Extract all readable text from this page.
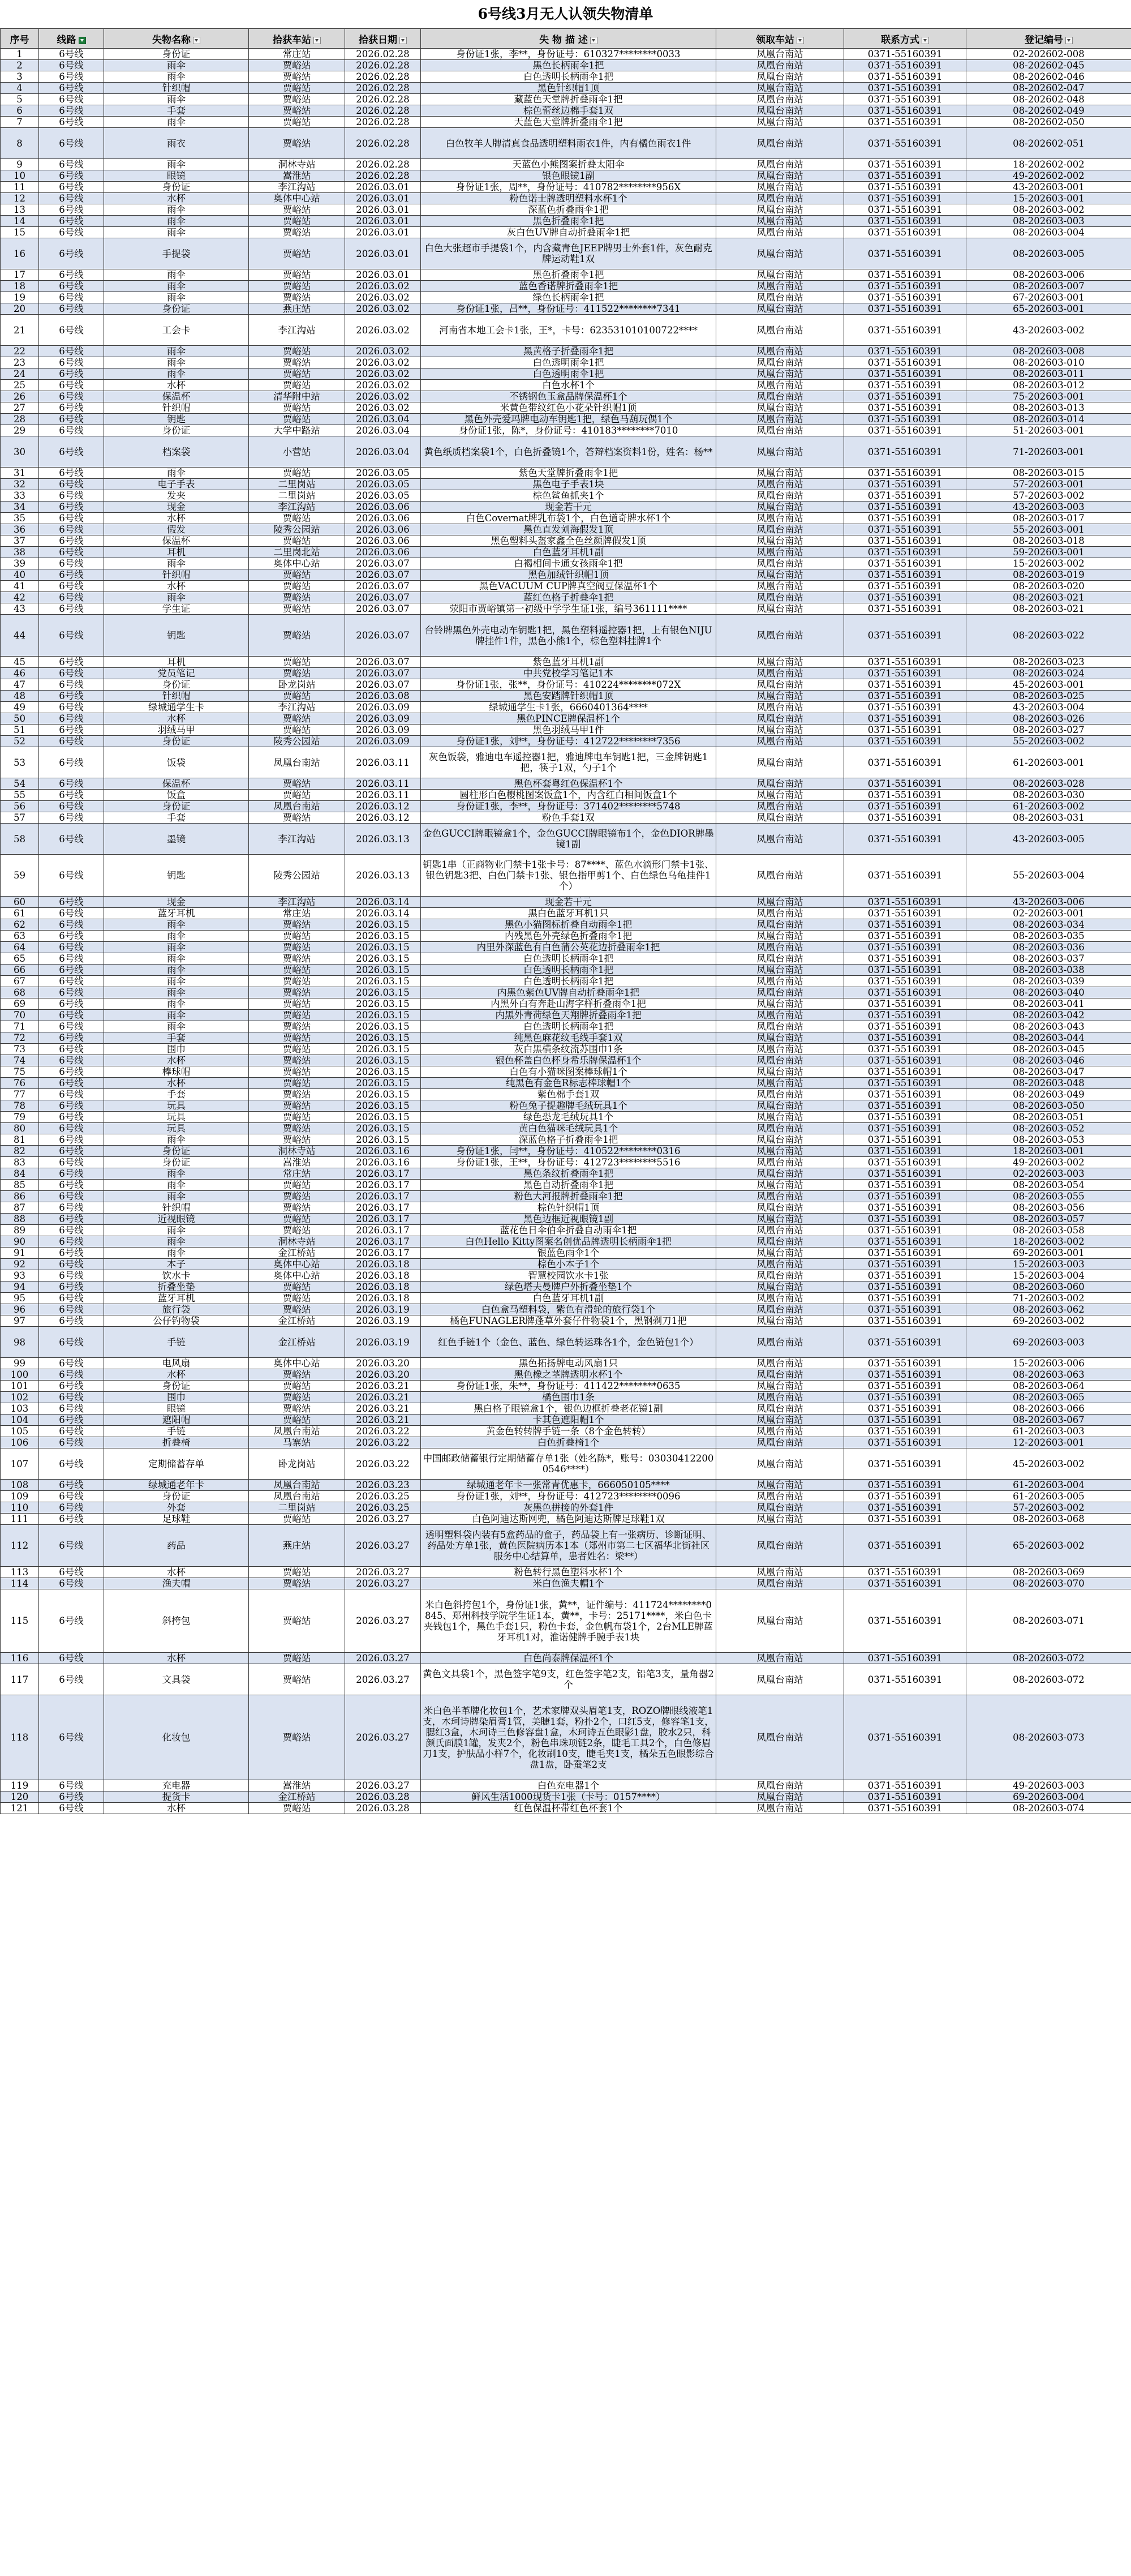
6号线3月无人认领失物清单
序号	线路	失物名称	拾获车站	拾获日期	失 物 描 述	领取车站	联系方式	登记编号
1	6号线	身份证	常庄站	2026.02.28	身份证1张，李**，身份证号：610327********0033	凤凰台南站	0371-55160391	02-202602-008
2	6号线	雨伞	贾峪站	2026.02.28	黑色长柄雨伞1把	凤凰台南站	0371-55160391	08-202602-045
3	6号线	雨伞	贾峪站	2026.02.28	白色透明长柄雨伞1把	凤凰台南站	0371-55160391	08-202602-046
4	6号线	针织帽	贾峪站	2026.02.28	黑色针织帽1顶	凤凰台南站	0371-55160391	08-202602-047
5	6号线	雨伞	贾峪站	2026.02.28	藏蓝色天堂牌折叠雨伞1把	凤凰台南站	0371-55160391	08-202602-048
6	6号线	手套	贾峪站	2026.02.28	棕色蕾丝边棉手套1双	凤凰台南站	0371-55160391	08-202602-049
7	6号线	雨伞	贾峪站	2026.02.28	天蓝色天堂牌折叠雨伞1把	凤凰台南站	0371-55160391	08-202602-050
8	6号线	雨衣	贾峪站	2026.02.28	白色牧羊人牌清真食品透明塑料雨衣1件，内有橘色雨衣1件	凤凰台南站	0371-55160391	08-202602-051
9	6号线	雨伞	洞林寺站	2026.02.28	天蓝色小熊图案折叠太阳伞	凤凰台南站	0371-55160391	18-202602-002
10	6号线	眼镜	嵩淮站	2026.02.28	银色眼镜1副	凤凰台南站	0371-55160391	49-202602-002
11	6号线	身份证	李江沟站	2026.03.01	身份证1张，周**，身份证号：410782********956X	凤凰台南站	0371-55160391	43-202603-001
12	6号线	水杯	奥体中心站	2026.03.01	粉色诺士牌透明塑料水杯1个	凤凰台南站	0371-55160391	15-202603-001
13	6号线	雨伞	贾峪站	2026.03.01	深蓝色折叠雨伞1把	凤凰台南站	0371-55160391	08-202603-002
14	6号线	雨伞	贾峪站	2026.03.01	黑色折叠雨伞1把	凤凰台南站	0371-55160391	08-202603-003
15	6号线	雨伞	贾峪站	2026.03.01	灰白色UV牌自动折叠雨伞1把	凤凰台南站	0371-55160391	08-202603-004
16	6号线	手提袋	贾峪站	2026.03.01	白色大张超市手提袋1个，内含藏青色JEEP牌男士外套1件，灰色耐克牌运动鞋1双	凤凰台南站	0371-55160391	08-202603-005
17	6号线	雨伞	贾峪站	2026.03.01	黑色折叠雨伞1把	凤凰台南站	0371-55160391	08-202603-006
18	6号线	雨伞	贾峪站	2026.03.02	蓝色香诺牌折叠雨伞1把	凤凰台南站	0371-55160391	08-202603-007
19	6号线	雨伞	贾峪站	2026.03.02	绿色长柄雨伞1把	凤凰台南站	0371-55160391	67-202603-001
20	6号线	身份证	燕庄站	2026.03.02	身份证1张，吕**，身份证号：411522********7341	凤凰台南站	0371-55160391	65-202603-001
21	6号线	工会卡	李江沟站	2026.03.02	河南省本地工会卡1张，王*，卡号：623531010100722****	凤凰台南站	0371-55160391	43-202603-002
22	6号线	雨伞	贾峪站	2026.03.02	黑黄格子折叠雨伞1把	凤凰台南站	0371-55160391	08-202603-008
23	6号线	雨伞	贾峪站	2026.03.02	白色透明雨伞1把	凤凰台南站	0371-55160391	08-202603-010
24	6号线	雨伞	贾峪站	2026.03.02	白色透明雨伞1把	凤凰台南站	0371-55160391	08-202603-011
25	6号线	水杯	贾峪站	2026.03.02	白色水杯1个	凤凰台南站	0371-55160391	08-202603-012
26	6号线	保温杯	清华附中站	2026.03.02	不锈钢色玉盒品牌保温杯1个	凤凰台南站	0371-55160391	75-202603-001
27	6号线	针织帽	贾峪站	2026.03.02	米黄色带纹红色小花朵针织帽1顶	凤凰台南站	0371-55160391	08-202603-013
28	6号线	钥匙	贾峪站	2026.03.04	黑色外壳爱玛牌电动车钥匙1把，绿色马葫玩偶1个	凤凰台南站	0371-55160391	08-202603-014
29	6号线	身份证	大学中路站	2026.03.04	身份证1张，陈*，身份证号：410183********7010	凤凰台南站	0371-55160391	51-202603-001
30	6号线	档案袋	小营站	2026.03.04	黄色纸质档案袋1个，白色折叠镜1个，答辩档案资料1份，姓名：杨**	凤凰台南站	0371-55160391	71-202603-001
31	6号线	雨伞	贾峪站	2026.03.05	紫色天堂牌折叠雨伞1把	凤凰台南站	0371-55160391	08-202603-015
32	6号线	电子手表	二里岗站	2026.03.05	黑色电子手表1块	凤凰台南站	0371-55160391	57-202603-001
33	6号线	发夹	二里岗站	2026.03.05	棕色鲨鱼抓夹1个	凤凰台南站	0371-55160391	57-202603-002
34	6号线	现金	李江沟站	2026.03.06	现金若干元	凤凰台南站	0371-55160391	43-202603-003
35	6号线	水杯	贾峪站	2026.03.06	白色Covernat牌乳布袋1个，白色道奇牌水杯1个	凤凰台南站	0371-55160391	08-202603-017
36	6号线	假发	陵秀公园站	2026.03.06	黑色直发刘海假发1顶	凤凰台南站	0371-55160391	55-202603-001
37	6号线	保温杯	贾峪站	2026.03.06	黑色塑料头盔家鑫全色丝颜牌假发1顶	凤凰台南站	0371-55160391	08-202603-018
38	6号线	耳机	二里岗北站	2026.03.06	白色蓝牙耳机1副	凤凰台南站	0371-55160391	59-202603-001
39	6号线	雨伞	奥体中心站	2026.03.07	白褐相间卡通女孩雨伞1把	凤凰台南站	0371-55160391	15-202603-002
40	6号线	针织帽	贾峪站	2026.03.07	黑色加绒针织帽1顶	凤凰台南站	0371-55160391	08-202603-019
41	6号线	水杯	贾峪站	2026.03.07	黑色VACUUM CUP牌真空阀豆保温杯1个	凤凰台南站	0371-55160391	08-202603-020
42	6号线	雨伞	贾峪站	2026.03.07	蓝红色格子折叠伞1把	凤凰台南站	0371-55160391	08-202603-021
43	6号线	学生证	贾峪站	2026.03.07	荥阳市贾峪镇第一初级中学学生证1张，编号361111****	凤凰台南站	0371-55160391	08-202603-021
44	6号线	钥匙	贾峪站	2026.03.07	台铃牌黑色外壳电动车钥匙1把，黑色塑料遥控器1把，上有银色NIJU牌挂件1件，黑色小熊1个，棕色塑料挂牌1个	凤凰台南站	0371-55160391	08-202603-022
45	6号线	耳机	贾峪站	2026.03.07	紫色蓝牙耳机1副	凤凰台南站	0371-55160391	08-202603-023
46	6号线	党员笔记	贾峪站	2026.03.07	中共党校学习笔记1本	凤凰台南站	0371-55160391	08-202603-024
47	6号线	身份证	卧龙岗站	2026.03.07	身份证1张，张**，身份证号：410224********072X	凤凰台南站	0371-55160391	45-202603-001
48	6号线	针织帽	贾峪站	2026.03.08	黑色安踏牌针织帽1顶	凤凰台南站	0371-55160391	08-202603-025
49	6号线	绿城通学生卡	李江沟站	2026.03.09	绿城通学生卡1张，6660401364****	凤凰台南站	0371-55160391	43-202603-004
50	6号线	水杯	贾峪站	2026.03.09	黑色PINCE牌保温杯1个	凤凰台南站	0371-55160391	08-202603-026
51	6号线	羽绒马甲	贾峪站	2026.03.09	黑色羽绒马甲1件	凤凰台南站	0371-55160391	08-202603-027
52	6号线	身份证	陵秀公园站	2026.03.09	身份证1张，刘**，身份证号：412722********7356	凤凰台南站	0371-55160391	55-202603-002
53	6号线	饭袋	凤凰台南站	2026.03.11	灰色饭袋，雅迪电车遥控器1把，雅迪牌电车钥匙1把，三金牌钥匙1把，筷子1双，勺子1个	凤凰台南站	0371-55160391	61-202603-001
54	6号线	保温杯	贾峪站	2026.03.11	黑色杯套粤红色保温杯1个	凤凰台南站	0371-55160391	08-202603-028
55	6号线	饭盒	贾峪站	2026.03.11	圆柱形白色樱桃图案饭盒1个，内含红白相间饭盒1个	凤凰台南站	0371-55160391	08-202603-030
56	6号线	身份证	凤凰台南站	2026.03.12	身份证1张，李**，身份证号：371402********5748	凤凰台南站	0371-55160391	61-202603-002
57	6号线	手套	贾峪站	2026.03.12	粉色手套1双	凤凰台南站	0371-55160391	08-202603-031
58	6号线	墨镜	李江沟站	2026.03.13	金色GUCCI牌眼镜盒1个，金色GUCCI牌眼镜布1个，金色DIOR牌墨镜1副	凤凰台南站	0371-55160391	43-202603-005
59	6号线	钥匙	陵秀公园站	2026.03.13	钥匙1串（正商物业门禁卡1张卡号：87****、蓝色水滴形门禁卡1张、银色钥匙3把、白色门禁卡1张、银色指甲剪1个、白色绿色乌龟挂件1个）	凤凰台南站	0371-55160391	55-202603-004
60	6号线	现金	李江沟站	2026.03.14	现金若干元	凤凰台南站	0371-55160391	43-202603-006
61	6号线	蓝牙耳机	常庄站	2026.03.14	黑白色蓝牙耳机1只	凤凰台南站	0371-55160391	02-202603-001
62	6号线	雨伞	贾峪站	2026.03.15	黑色小猫图标折叠自动雨伞1把	凤凰台南站	0371-55160391	08-202603-034
63	6号线	雨伞	贾峪站	2026.03.15	内残黑色外壳绿色折叠雨伞1把	凤凰台南站	0371-55160391	08-202603-035
64	6号线	雨伞	贾峪站	2026.03.15	内里外深蓝色有白色蒲公英花边折叠雨伞1把	凤凰台南站	0371-55160391	08-202603-036
65	6号线	雨伞	贾峪站	2026.03.15	白色透明长柄雨伞1把	凤凰台南站	0371-55160391	08-202603-037
66	6号线	雨伞	贾峪站	2026.03.15	白色透明长柄雨伞1把	凤凰台南站	0371-55160391	08-202603-038
67	6号线	雨伞	贾峪站	2026.03.15	白色透明长柄雨伞1把	凤凰台南站	0371-55160391	08-202603-039
68	6号线	雨伞	贾峪站	2026.03.15	内黑色紫色UV牌自动折叠雨伞1把	凤凰台南站	0371-55160391	08-202603-040
69	6号线	雨伞	贾峪站	2026.03.15	内黑外白有奔赴山海字样折叠雨伞1把	凤凰台南站	0371-55160391	08-202603-041
70	6号线	雨伞	贾峪站	2026.03.15	内黑外青荷绿色天翔牌折叠雨伞1把	凤凰台南站	0371-55160391	08-202603-042
71	6号线	雨伞	贾峪站	2026.03.15	白色透明长柄雨伞1把	凤凰台南站	0371-55160391	08-202603-043
72	6号线	手套	贾峪站	2026.03.15	纯黑色麻花纹毛线手套1双	凤凰台南站	0371-55160391	08-202603-044
73	6号线	围巾	贾峪站	2026.03.15	灰白黑横条纹流苏围巾1条	凤凰台南站	0371-55160391	08-202603-045
74	6号线	水杯	贾峪站	2026.03.15	银色杯盖白色杯身希乐牌保温杯1个	凤凰台南站	0371-55160391	08-202603-046
75	6号线	棒球帽	贾峪站	2026.03.15	白色有小猫咪图案棒球帽1个	凤凰台南站	0371-55160391	08-202603-047
76	6号线	水杯	贾峪站	2026.03.15	纯黑色有金色R标志棒球帽1个	凤凰台南站	0371-55160391	08-202603-048
77	6号线	手套	贾峪站	2026.03.15	紫色棉手套1双	凤凰台南站	0371-55160391	08-202603-049
78	6号线	玩具	贾峪站	2026.03.15	粉色兔子提趣牌毛绒玩具1个	凤凰台南站	0371-55160391	08-202603-050
79	6号线	玩具	贾峪站	2026.03.15	绿色恐龙毛绒玩具1个	凤凰台南站	0371-55160391	08-202603-051
80	6号线	玩具	贾峪站	2026.03.15	黄白色猫咪毛绒玩具1个	凤凰台南站	0371-55160391	08-202603-052
81	6号线	雨伞	贾峪站	2026.03.15	深蓝色格子折叠雨伞1把	凤凰台南站	0371-55160391	08-202603-053
82	6号线	身份证	洞林寺站	2026.03.16	身份证1张，闫**，身份证号：410522********0316	凤凰台南站	0371-55160391	18-202603-001
83	6号线	身份证	嵩淮站	2026.03.16	身份证1张，王**，身份证号：412723********5516	凤凰台南站	0371-55160391	49-202603-002
84	6号线	雨伞	常庄站	2026.03.17	黑色条纹折叠雨伞1把	凤凰台南站	0371-55160391	02-202603-003
85	6号线	雨伞	贾峪站	2026.03.17	黑色自动折叠雨伞1把	凤凰台南站	0371-55160391	08-202603-054
86	6号线	雨伞	贾峪站	2026.03.17	粉色大河报牌折叠雨伞1把	凤凰台南站	0371-55160391	08-202603-055
87	6号线	针织帽	贾峪站	2026.03.17	棕色针织帽1顶	凤凰台南站	0371-55160391	08-202603-056
88	6号线	近视眼镜	贾峪站	2026.03.17	黑色边框近视眼镜1副	凤凰台南站	0371-55160391	08-202603-057
89	6号线	雨伞	贾峪站	2026.03.17	蓝花色日伞伯伞折叠自动雨伞1把	凤凰台南站	0371-55160391	08-202603-058
90	6号线	雨伞	洞林寺站	2026.03.17	白色Hello Kitty图案名创优品牌透明长柄雨伞1把	凤凰台南站	0371-55160391	18-202603-002
91	6号线	雨伞	金江桥站	2026.03.17	银蓝色雨伞1个	凤凰台南站	0371-55160391	69-202603-001
92	6号线	本子	奥体中心站	2026.03.18	棕色小本子1个	凤凰台南站	0371-55160391	15-202603-003
93	6号线	饮水卡	奥体中心站	2026.03.18	智慧校园饮水卡1张	凤凰台南站	0371-55160391	15-202603-004
94	6号线	折叠坐垫	贾峪站	2026.03.18	绿色塔夫曼牌户外折叠坐垫1个	凤凰台南站	0371-55160391	08-202603-060
95	6号线	蓝牙耳机	贾峪站	2026.03.18	白色蓝牙耳机1副	凤凰台南站	0371-55160391	71-202603-002
96	6号线	旅行袋	贾峪站	2026.03.19	白色盒马塑料袋，紫色有滑轮的旅行袋1个	凤凰台南站	0371-55160391	08-202603-062
97	6号线	公仔钓物袋	金江桥站	2026.03.19	橘色FUNAGLER牌蓬草外套仔件物袋1个，黑钢剃刀1把	凤凰台南站	0371-55160391	69-202603-002
98	6号线	手链	金江桥站	2026.03.19	红色手链1个（金色、蓝色、绿色转运珠各1个，金色链包1个）	凤凰台南站	0371-55160391	69-202603-003
99	6号线	电风扇	奥体中心站	2026.03.20	黑色拓扬牌电动风扇1只	凤凰台南站	0371-55160391	15-202603-006
100	6号线	水杯	贾峪站	2026.03.20	黑色橡之茎牌透明水杯1个	凤凰台南站	0371-55160391	08-202603-063
101	6号线	身份证	贾峪站	2026.03.21	身份证1张，朱**，身份证号：411422********0635	凤凰台南站	0371-55160391	08-202603-064
102	6号线	围巾	贾峪站	2026.03.21	橘色围巾1条	凤凰台南站	0371-55160391	08-202603-065
103	6号线	眼镜	贾峪站	2026.03.21	黑白格子眼镜盒1个，银色边框折叠老花镜1副	凤凰台南站	0371-55160391	08-202603-066
104	6号线	遮阳帽	贾峪站	2026.03.21	卡其色遮阳帽1个	凤凰台南站	0371-55160391	08-202603-067
105	6号线	手链	凤凰台南站	2026.03.22	黄金色转转牌手链一条（8个金色转转）	凤凰台南站	0371-55160391	61-202603-003
106	6号线	折叠椅	马寨站	2026.03.22	白色折叠椅1个	凤凰台南站	0371-55160391	12-202603-001
107	6号线	定期储蓄存单	卧龙岗站	2026.03.22	中国邮政储蓄银行定期储蓄存单1张（姓名陈*，账号：030304122000546****）	凤凰台南站	0371-55160391	45-202603-002
108	6号线	绿城通老年卡	凤凰台南站	2026.03.23	绿城通老年卡一张常青优惠卡，666050105****	凤凰台南站	0371-55160391	61-202603-004
109	6号线	身份证	凤凰台南站	2026.03.25	身份证1张，刘**，身份证号：412723********0096	凤凰台南站	0371-55160391	61-202603-005
110	6号线	外套	二里岗站	2026.03.25	灰黑色拼接的外套1件	凤凰台南站	0371-55160391	57-202603-002
111	6号线	足球鞋	贾峪站	2026.03.27	白色阿迪达斯网兜，橘色阿迪达斯牌足球鞋1双	凤凰台南站	0371-55160391	08-202603-068
112	6号线	药品	燕庄站	2026.03.27	透明塑料袋内装有5盒药品的盒子，药品袋上有一张病历、诊断证明、药品处方单1张，黄色医院病历本1本（郑州市第二七区福华北街社区服务中心结算单，患者姓名：梁**）	凤凰台南站	0371-55160391	65-202603-002
113	6号线	水杯	贾峪站	2026.03.27	粉色转行黑色塑料水杯1个	凤凰台南站	0371-55160391	08-202603-069
114	6号线	渔夫帽	贾峪站	2026.03.27	米白色渔夫帽1个	凤凰台南站	0371-55160391	08-202603-070
115	6号线	斜挎包	贾峪站	2026.03.27	米白色斜挎包1个，身份证1张，黄**，证件编号：411724********0845、郑州科技学院学生证1本，黄**，卡号：25171****，米白色卡夹钱包1个，黑色手套1只，粉色卡套，金色帆布袋1个，2台MLE牌蓝牙耳机1对，淮诺健牌手腕手表1块	凤凰台南站	0371-55160391	08-202603-071
116	6号线	水杯	贾峪站	2026.03.27	白色尚泰牌保温杯1个	凤凰台南站	0371-55160391	08-202603-072
117	6号线	文具袋	贾峪站	2026.03.27	黄色文具袋1个，黑色签字笔9支，红色签字笔2支，铅笔3支，量角器2个	凤凰台南站	0371-55160391	08-202603-072
118	6号线	化妆包	贾峪站	2026.03.27	米白色半革牌化妆包1个，艺术家牌双头眉笔1支，ROZO牌眼线液笔1支，木珂诗牌染眉膏1管，美睫1套，粉扑2个，口红5支，修容笔1支，腮红3盒，木珂诗三色修容盘1盒，木珂诗五色眼影1盘，胶水2只，科颜氏面膜1罐，发夹2个，粉色串珠项链2条，睫毛工具2个，白色修眉刀1支，护肤品小样7个，化妆刷10支，睫毛夹1支，橘朵五色眼影综合盘1盘，卧蚕笔2支	凤凰台南站	0371-55160391	08-202603-073
119	6号线	充电器	嵩淮站	2026.03.27	白色充电器1个	凤凰台南站	0371-55160391	49-202603-003
120	6号线	提货卡	金江桥站	2026.03.28	鲜风生活1000现货卡1张（卡号：0157****）	凤凰台南站	0371-55160391	69-202603-004
121	6号线	水杯	贾峪站	2026.03.28	红色保温杯带红色杯套1个	凤凰台南站	0371-55160391	08-202603-074
